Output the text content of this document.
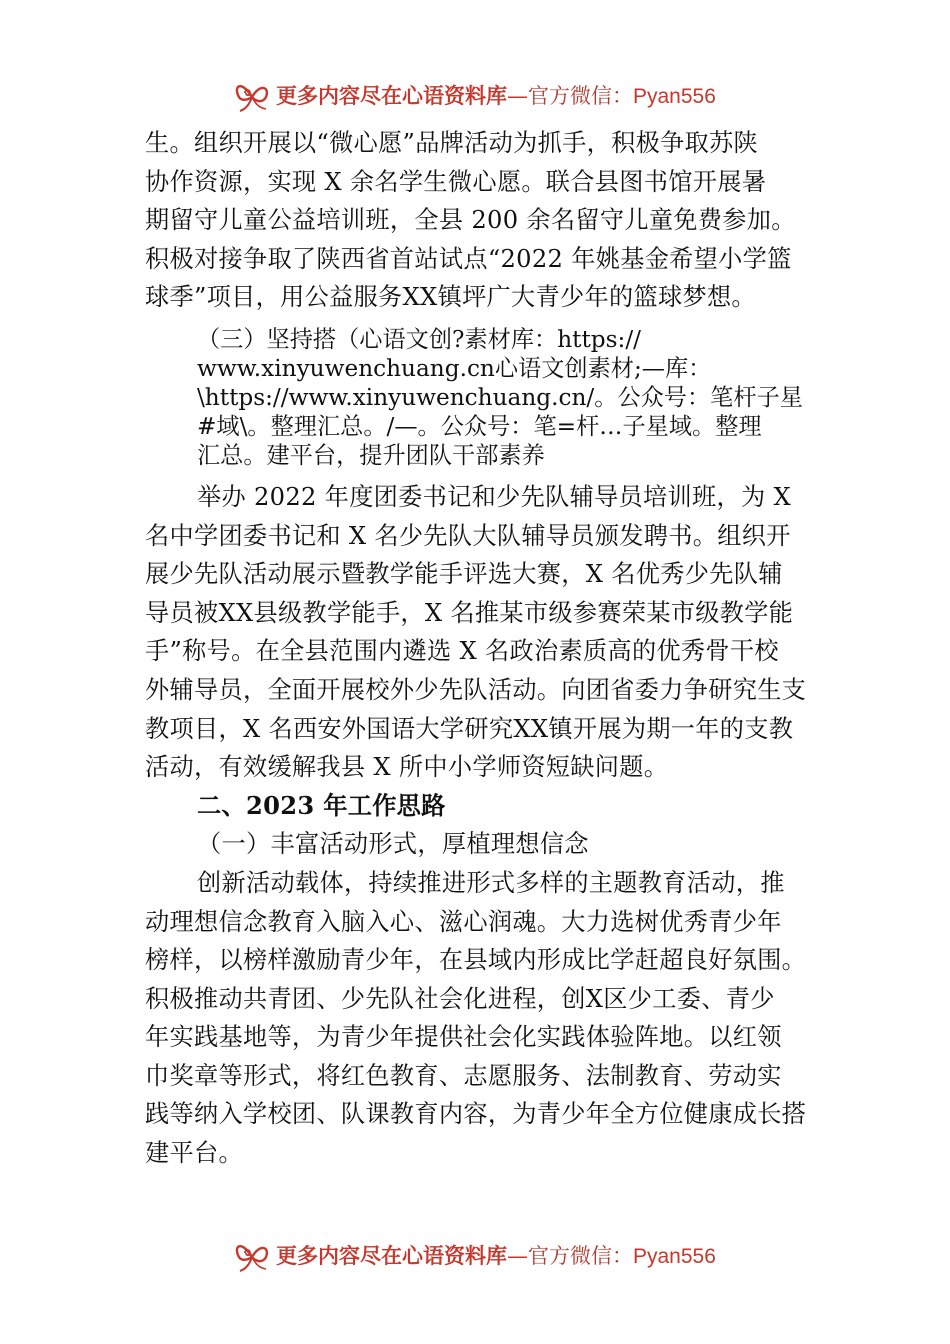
更多内容尽在心语资料库—官方微信：Pyan556
生。组织开展以“微心愿”品牌活动为抓手，积极争取苏陕
协作资源，实现 X 余名学生微心愿。联合县图书馆开展暑
期留守儿童公益培训班，全县 200 余名留守儿童免费参加。
积极对接争取了陕西省首站试点“2022 年姚基金希望小学篮
球季”项目，用公益服务XX镇坪广大青少年的篮球梦想。
（三）坚持搭（心语文创?素材库：https://
www.xinyuwenchuang.cn心语文创素材;—库：
\https://www.xinyuwenchuang.cn/。公众号：笔杆子星
#域\。整理汇总。/—。公众号：笔=杆…子星域。整理
汇总。建平台，提升团队干部素养
举办 2022 年度团委书记和少先队辅导员培训班，为 X
名中学团委书记和 X 名少先队大队辅导员颁发聘书。组织开
展少先队活动展示暨教学能手评选大赛，X 名优秀少先队辅
导员被XX县级教学能手，X 名推某市级参赛荣某市级教学能
手”称号。在全县范围内遴选 X 名政治素质高的优秀骨干校
外辅导员，全面开展校外少先队活动。向团省委力争研究生支
教项目，X 名西安外国语大学研究XX镇开展为期一年的支教
活动，有效缓解我县 X 所中小学师资短缺问题。
二、2023 年工作思路
（一）丰富活动形式，厚植理想信念
创新活动载体，持续推进形式多样的主题教育活动，推
动理想信念教育入脑入心、滋心润魂。大力选树优秀青少年
榜样，以榜样激励青少年，在县域内形成比学赶超良好氛围。
积极推动共青团、少先队社会化进程，创X区少工委、青少
年实践基地等，为青少年提供社会化实践体验阵地。以红领
巾奖章等形式，将红色教育、志愿服务、法制教育、劳动实
践等纳入学校团、队课教育内容，为青少年全方位健康成长搭
建平台。
更多内容尽在心语资料库—官方微信：Pyan556
